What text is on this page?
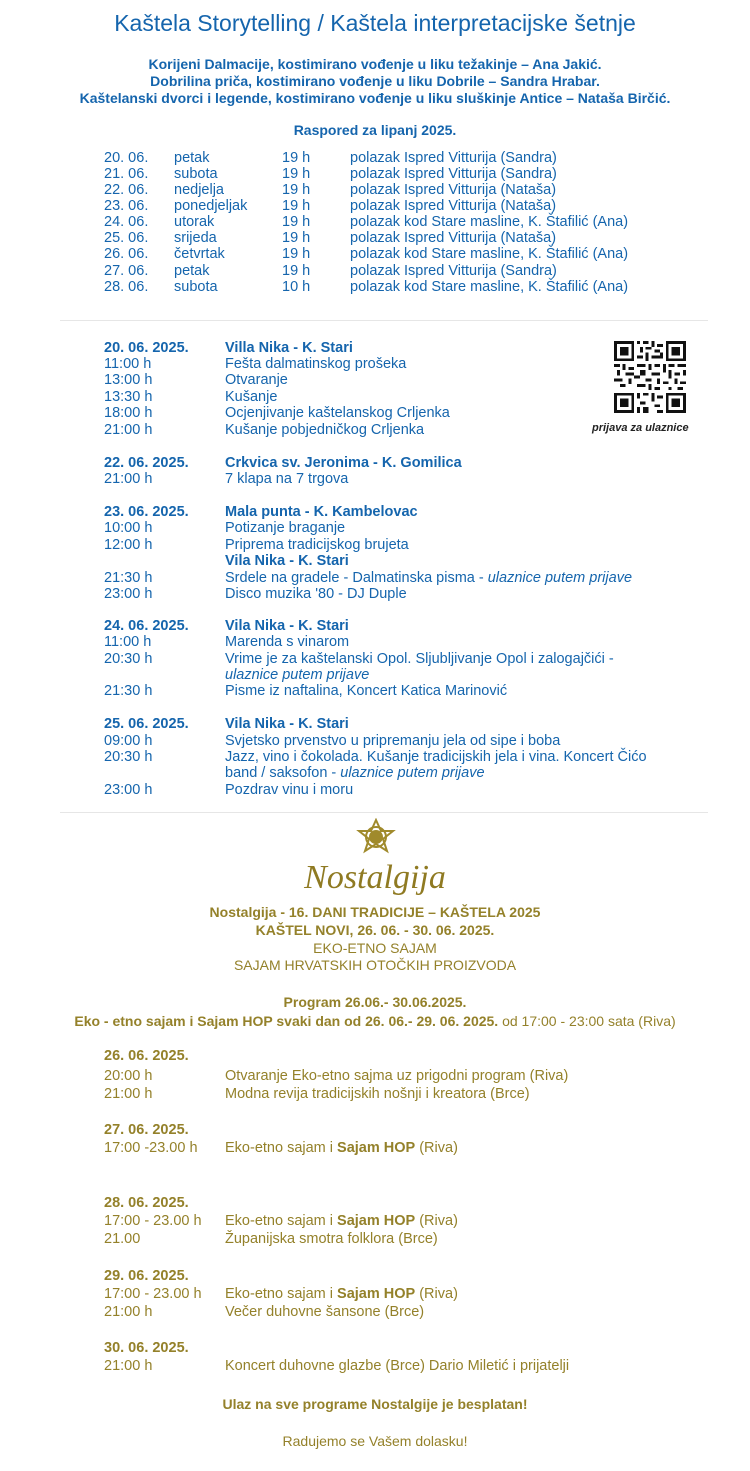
Kaštela Storytelling / Kaštela interpretacijske šetnje
Korijeni Dalmacije, kostimirano vođenje u liku težakinje – Ana Jakić.
Dobrilina priča, kostimirano vođenje u liku Dobrile – Sandra Hrabar.
Kaštelanski dvorci i legende, kostimirano vođenje u liku sluškinje Antice – Nataša Birčić.
Raspored za lipanj 2025.
20. 06. petak	19 h	polazak Ispred Vitturija (Sandra)
21. 06. subota	19 h	polazak Ispred Vitturija (Sandra)
22. 06. nedjelja	19 h	polazak Ispred Vitturija (Nataša)
23. 06. ponedjeljak 19 h	polazak Ispred Vitturija (Nataša)
24. 06. utorak	19 h	polazak kod Stare masline, K. Štafilić (Ana)
25. 06. srijeda	19 h	polazak Ispred Vitturija (Nataša)
26. 06. četvrtak	19 h	polazak kod Stare masline, K. Štafilić (Ana)
27. 06. petak	19 h	polazak Ispred Vitturija (Sandra)
28. 06. subota	10 h	polazak kod Stare masline, K. Štafilić (Ana)
prijava za ulaznice
20. 06. 2025.	Villa Nika - K. Stari
11:00 h	Fešta dalmatinskog prošeka
13:00 h	Otvaranje
13:30 h	Kušanje
18:00 h	Ocjenjivanje kaštelanskog Crljenka
21:00 h	Kušanje pobjedničkog Crljenka
22. 06. 2025.	Crkvica sv. Jeronima - K. Gomilica
21:00 h	7 klapa na 7 trgova
23. 06. 2025.	Mala punta - K. Kambelovac
10:00 h	Potizanje braganje
12:00 h	Priprema tradicijskog brujeta
Vila Nika - K. Stari
21:30 h	Srdele na gradele - Dalmatinska pisma - ulaznice putem prijave
23:00 h	Disco muzika '80 - DJ Duple
24. 06. 2025.	Vila Nika - K. Stari
11:00 h	Marenda s vinarom
20:30 h	Vrime je za kaštelanski Opol. Sljubljivanje Opol i zalogajčići -
ulaznice putem prijave
21:30 h	Pisme iz naftalina, Koncert Katica Marinović
25. 06. 2025.	Vila Nika - K. Stari
09:00 h	Svjetsko prvenstvo u pripremanju jela od sipe i boba
20:30 h	Jazz, vino i čokolada. Kušanje tradicijskih jela i vina. Koncert Čićo
band / saksofon - ulaznice putem prijave
23:00 h	Pozdrav vinu i moru
Nostalgija
Nostalgija - 16. DANI TRADICIJE – KAŠTELA 2025
KAŠTEL NOVI, 26. 06. - 30. 06. 2025.
EKO-ETNO SAJAM
SAJAM HRVATSKIH OTOČKIH PROIZVODA
Program 26.06.- 30.06.2025.
Eko - etno sajam i Sajam HOP svaki dan od 26. 06.- 29. 06. 2025. od 17:00 - 23:00 sata (Riva)
26. 06. 2025.
20:00 h	Otvaranje Eko-etno sajma uz prigodni program (Riva)
21:00 h	Modna revija tradicijskih nošnji i kreatora (Brce)
27. 06. 2025.
17:00 -23.00 h Eko-etno sajam i Sajam HOP (Riva)
28. 06. 2025.
17:00 - 23.00 h Eko-etno sajam i Sajam HOP (Riva)
21.00	Županijska smotra folklora (Brce)
29. 06. 2025.
17:00 - 23.00 h Eko-etno sajam i Sajam HOP (Riva)
21:00 h	Večer duhovne šansone (Brce)
30. 06. 2025.
21:00 h	Koncert duhovne glazbe (Brce) Dario Miletić i prijatelji
Ulaz na sve programe Nostalgije je besplatan!
Radujemo se Vašem dolasku!
